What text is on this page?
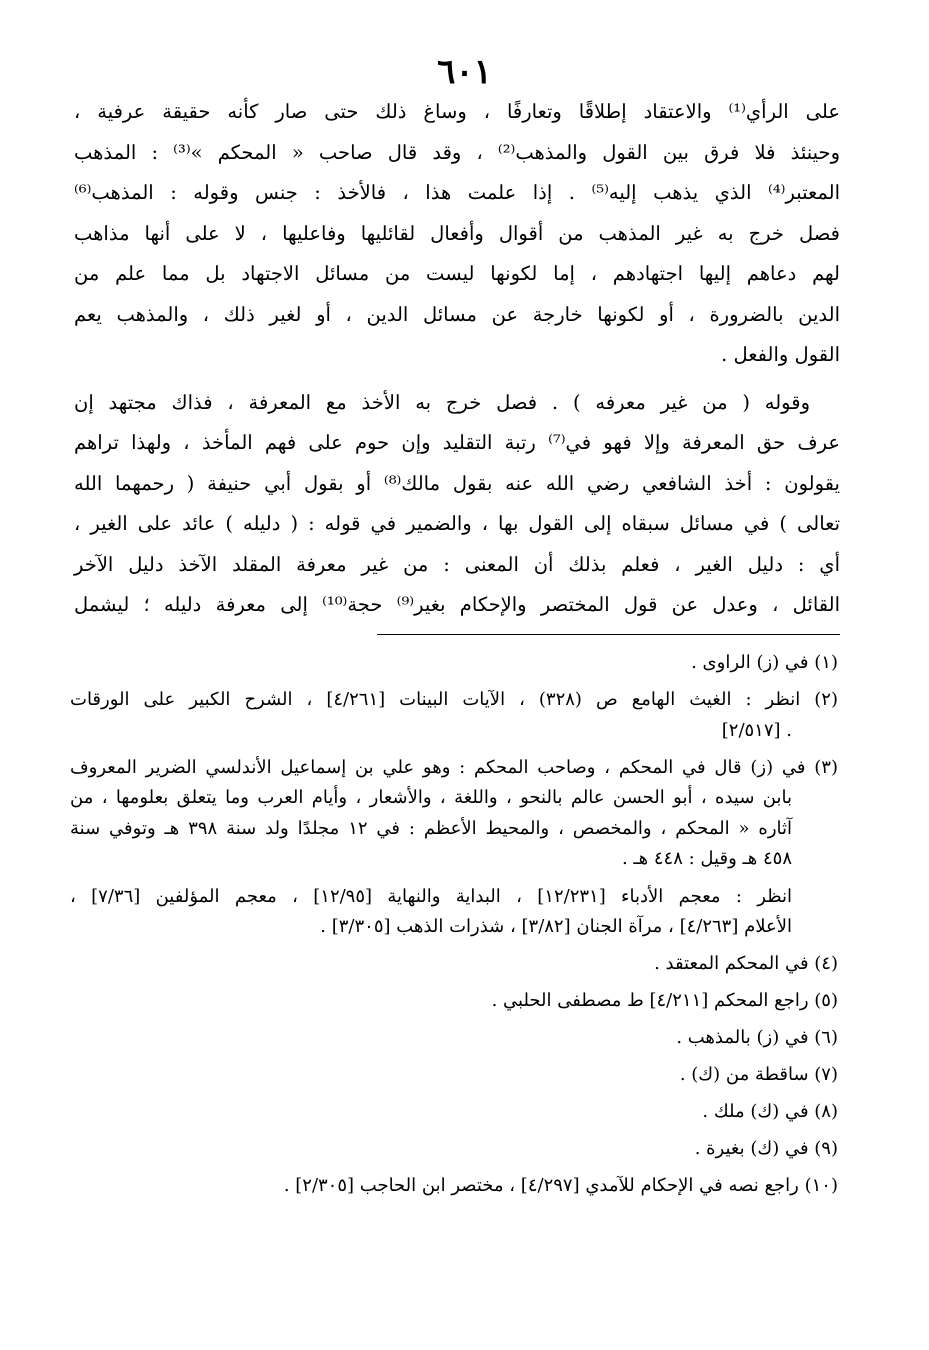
٦٠١

على الرأي⁽¹⁾ والاعتقاد إطلاقًا وتعارفًا ، وساغ ذلك حتى صار كأنه حقيقة عرفية ،
وحينئذ فلا فرق بين القول والمذهب⁽²⁾ ، وقد قال صاحب « المحكم »⁽³⁾ : المذهب
المعتبر⁽⁴⁾ الذي يذهب إليه⁽⁵⁾ . إذا علمت هذا ، فالأخذ : جنس وقوله : المذهب⁽⁶⁾
فصل خرج به غير المذهب من أقوال وأفعال لقائليها وفاعليها ، لا على أنها مذاهب
لهم دعاهم إليها اجتهادهم ، إما لكونها ليست من مسائل الاجتهاد بل مما علم من
الدين بالضرورة ، أو لكونها خارجة عن مسائل الدين ، أو لغير ذلك ، والمذهب يعم
القول والفعل .

وقوله ( من غير معرفه ) . فصل خرج به الأخذ مع المعرفة ، فذاك مجتهد إن
عرف حق المعرفة وإلا فهو في⁽⁷⁾ رتبة التقليد وإن حوم على فهم المأخذ ، ولهذا تراهم
يقولون : أخذ الشافعي رضي الله عنه بقول مالك⁽⁸⁾ أو بقول أبي حنيفة ( رحمهما الله
تعالى ) في مسائل سبقاه إلى القول بها ، والضمير في قوله : ( دليله ) عائد على الغير ،
أي : دليل الغير ، فعلم بذلك أن المعنى : من غير معرفة المقلد الآخذ دليل الآخر
القائل ، وعدل عن قول المختصر والإحكام بغير⁽⁹⁾ حجة⁽¹⁰⁾ إلى معرفة دليله ؛ ليشمل

(١) في (ز) الراوى .
(٢) انظر : الغيث الهامع ص (٣٢٨) ، الآيات البينات [٤/٢٦١] ، الشرح الكبير على الورقات
[٢/٥١٧] .
(٣) في (ز) قال في المحكم ، وصاحب المحكم : وهو علي بن إسماعيل الأندلسي الضرير المعروف
بابن سيده ، أبو الحسن عالم بالنحو ، واللغة ، والأشعار ، وأيام العرب وما يتعلق بعلومها ، من
آثاره « المحكم ، والمخصص ، والمحيط الأعظم : في ١٢ مجلدًا ولد سنة ٣٩٨ هـ وتوفي سنة
٤٥٨ هـ وقيل : ٤٤٨ هـ .
انظر : معجم الأدباء [١٢/٢٣١] ، البداية والنهاية [١٢/٩٥] ، معجم المؤلفين [٧/٣٦] ،
الأعلام [٤/٢٦٣] ، مرآة الجنان [٣/٨٢] ، شذرات الذهب [٣/٣٠٥] .
(٤) في المحكم المعتقد .
(٥) راجع المحكم [٤/٢١١] ط مصطفى الحلبي .
(٦) في (ز) بالمذهب .
(٧) ساقطة من (ك) .
(٨) في (ك) ملك .
(٩) في (ك) بغيرة .
(١٠) راجع نصه في الإحكام للآمدي [٤/٢٩٧] ، مختصر ابن الحاجب [٢/٣٠٥] .
